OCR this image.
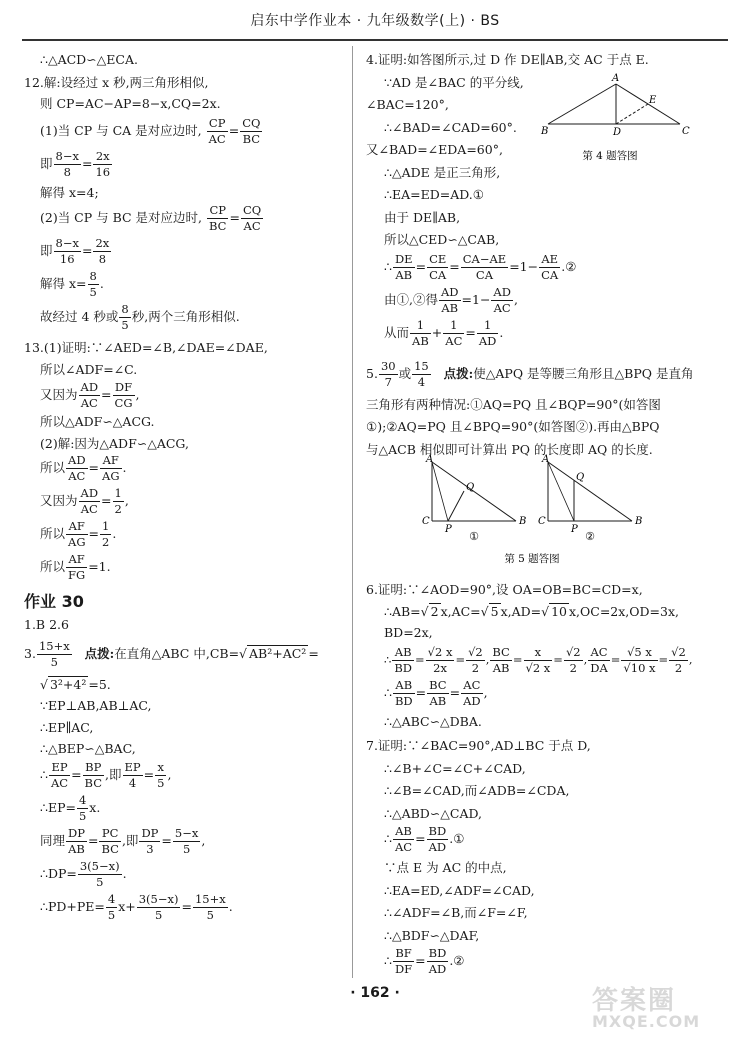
启东中学作业本 · 九年级数学(上) · BS
∴△ACD∽△ECA.
12.解:设经过 x 秒,两三角形相似,
则 CP=AC−AP=8−x,CQ=2x.
(1)当 CP 与 CA 是对应边时, $\frac{CP}{AC} = \frac{CQ}{BC}$
即 $\frac{8-x}{8} = \frac{2x}{16}$
解得 x=4;
(2)当 CP 与 BC 是对应边时, $\frac{CP}{BC} = \frac{CQ}{AC}$
即 $\frac{8-x}{16} = \frac{2x}{8}$
解得 $x= \frac{8}{5}$ .
故经过 4 秒或 $\frac{8}{5}$ 秒,两个三角形相似.
13.(1)证明:∵∠AED=∠B,∠DAE=∠DAE,
所以∠ADF=∠C.
又因为 $\frac{AD}{AC} = \frac{DF}{CG}$ ,
所以△ADF∽△ACG.
(2)解:因为△ADF∽△ACG,
所以 $\frac{AD}{AC} = \frac{AF}{AG}$ .
又因为 $\frac{AD}{AC} = \frac{1}{2}$ ,
所以 $\frac{AF}{AG} = \frac{1}{2}$ .
所以 $\frac{AF}{FG} =1$.
作业 30
1.B 2.6
3. $\frac{15+x}{5}$ 点拨:在直角△ABC 中,CB=√ AB²+AC² =
√ 3²+4² =5.
∵EP⊥AB,AB⊥AC,
∴EP∥AC,
∴△BEP∽△BAC,
∴ $\frac{EP}{AC} = \frac{BP}{BC}$ ,即 $\frac{EP}{4} = \frac{x}{5}$ ,
∴EP= $\frac{4}{5} x$.
同理 $\frac{DP}{AB} = \frac{PC}{BC}$ ,即 $\frac{DP}{3} = \frac{5-x}{5}$ ,
∴DP= $\frac{3(5-x)}{5}$ .
∴PD+PE= $\frac{4}{5} x+ \frac{3(5-x)}{5} = \frac{15+x}{5}$ .
4.证明:如答图所示,过 D 作 DE∥AB,交 AC 于点 E.
∵AD 是∠BAC 的平分线,
∠BAC=120°,
∴∠BAD=∠CAD=60°.
又∠BAD=∠EDA=60°,
∴△ADE 是正三角形,
∴EA=ED=AD.①
由于 DE∥AB,
所以△CED∽△CAB,
∴ $\frac{DE}{AB} = \frac{CE}{CA} = \frac{CA-AE}{CA} =1- \frac{AE}{CA}$ .②
由①,②得 $\frac{AD}{AB} =1- \frac{AD}{AC}$ ,
从而 $\frac{1}{AB} + \frac{1}{AC} = \frac{1}{AD}$ .
5. $\frac{30}{7}$ 或 $\frac{15}{4}$ 点拨:使△APQ 是等腰三角形且△BPQ 是直角
三角形有两种情况:①AQ=PQ 且∠BQP=90°(如答图
①);②AQ=PQ 且∠BPQ=90°(如答图②).再由△BPQ
与△ACB 相似即可计算出 PQ 的长度即 AQ 的长度.
6.证明:∵∠AOD=90°,设 OA=OB=BC=CD=x,
∴AB=√ 2 x,AC=√ 5 x,AD=√ 10 x,OC=2x,OD=3x,
BD=2x,
∴ $\frac{AB}{BD} = \frac{√2 x}{2x} = \frac{√2}{2}$ , $\frac{BC}{AB} = \frac{x}{√2 x} = \frac{√2}{2}$ , $\frac{AC}{DA} = \frac{√5 x}{√10 x} = \frac{√2}{2}$ ,
∴ $\frac{AB}{BD} = \frac{BC}{AB} = \frac{AC}{AD}$ ,
∴△ABC∽△DBA.
7.证明:∵∠BAC=90°,AD⊥BC 于点 D,
∴∠B+∠C=∠C+∠CAD,
∴∠B=∠CAD,而∠ADB=∠CDA,
∴△ABD∽△CAD,
∴ $\frac{AB}{AC} = \frac{BD}{AD}$ .①
∵点 E 为 AC 的中点,
∴EA=ED,∠ADF=∠CAD,
∴∠ADF=∠B,而∠F=∠F,
∴△BDF∽△DAF,
∴ $\frac{BF}{DF} = \frac{BD}{AD}$ .②
A
B	C
D
E
第 4 题答图
A
C	B
P
Q
A
C	B
P
Q
①	②
第 5 题答图
· 162 ·	答案圈
MXQE.COM
